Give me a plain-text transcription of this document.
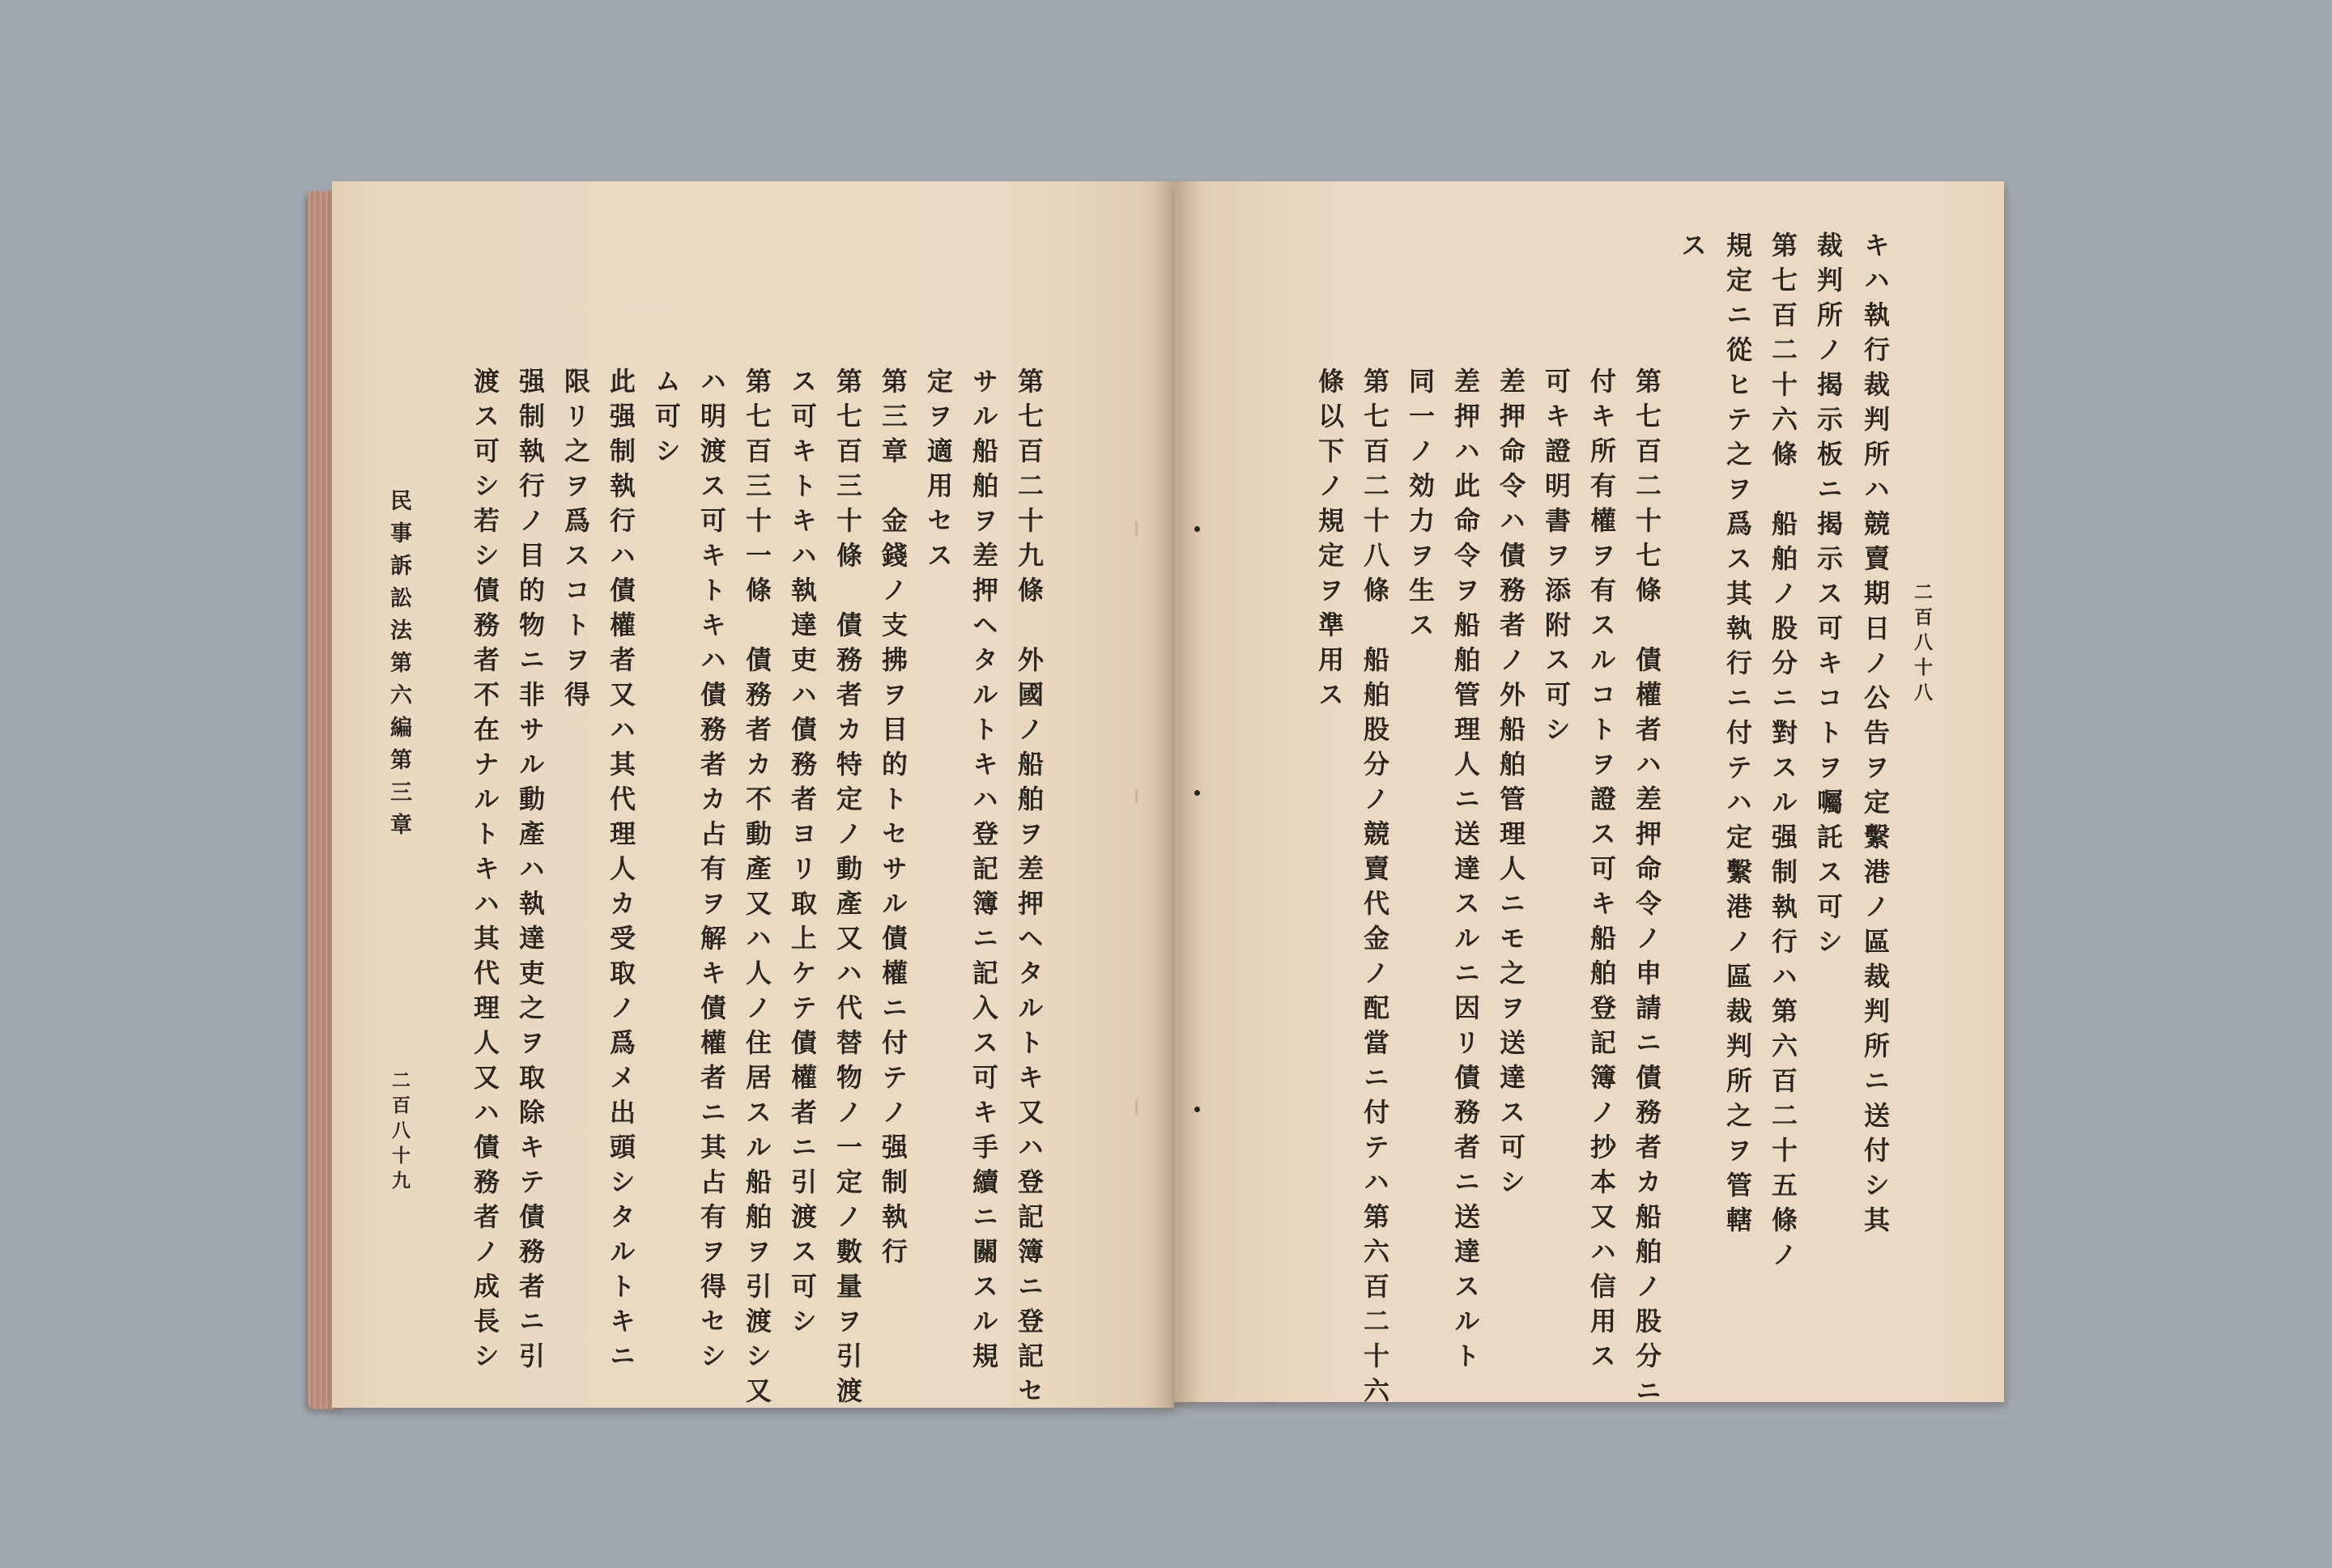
二百八十八
キハ執行裁判所ハ競賣期日ノ公告ヲ定繫港ノ區裁判所ニ送付シ其
裁判所ノ揭示板ニ揭示ス可キコトヲ囑託ス可シ
第七百二十六條　船舶ノ股分ニ對スル强制執行ハ第六百二十五條ノ
規定ニ從ヒテ之ヲ爲ス其執行ニ付テハ定繫港ノ區裁判所之ヲ管轄
ス
第七百二十七條　債權者ハ差押命令ノ申請ニ債務者カ船舶ノ股分ニ
付キ所有權ヲ有スルコトヲ證ス可キ船舶登記簿ノ抄本又ハ信用ス
可キ證明書ヲ添附ス可シ
差押命令ハ債務者ノ外船舶管理人ニモ之ヲ送達ス可シ
差押ハ此命令ヲ船舶管理人ニ送達スルニ因リ債務者ニ送達スルト
同一ノ効力ヲ生ス
第七百二十八條　船舶股分ノ競賣代金ノ配當ニ付テハ第六百二十六
條以下ノ規定ヲ準用ス
第七百二十九條　外國ノ船舶ヲ差押ヘタルトキ又ハ登記簿ニ登記セ
サル船舶ヲ差押ヘタルトキハ登記簿ニ記入ス可キ手續ニ關スル規
定ヲ適用セス
第三章　金錢ノ支拂ヲ目的トセサル債權ニ付テノ强制執行
第七百三十條　債務者カ特定ノ動產又ハ代替物ノ一定ノ數量ヲ引渡
ス可キトキハ執達吏ハ債務者ヨリ取上ケテ債權者ニ引渡ス可シ
第七百三十一條　債務者カ不動產又ハ人ノ住居スル船舶ヲ引渡シ又
ハ明渡ス可キトキハ債務者カ占有ヲ解キ債權者ニ其占有ヲ得セシ
ム可シ
此强制執行ハ債權者又ハ其代理人カ受取ノ爲メ出頭シタルトキニ
限リ之ヲ爲スコトヲ得
强制執行ノ目的物ニ非サル動產ハ執達吏之ヲ取除キテ債務者ニ引
渡ス可シ若シ債務者不在ナルトキハ其代理人又ハ債務者ノ成長シ
民事訴訟法第六編第三章
二百八十九
